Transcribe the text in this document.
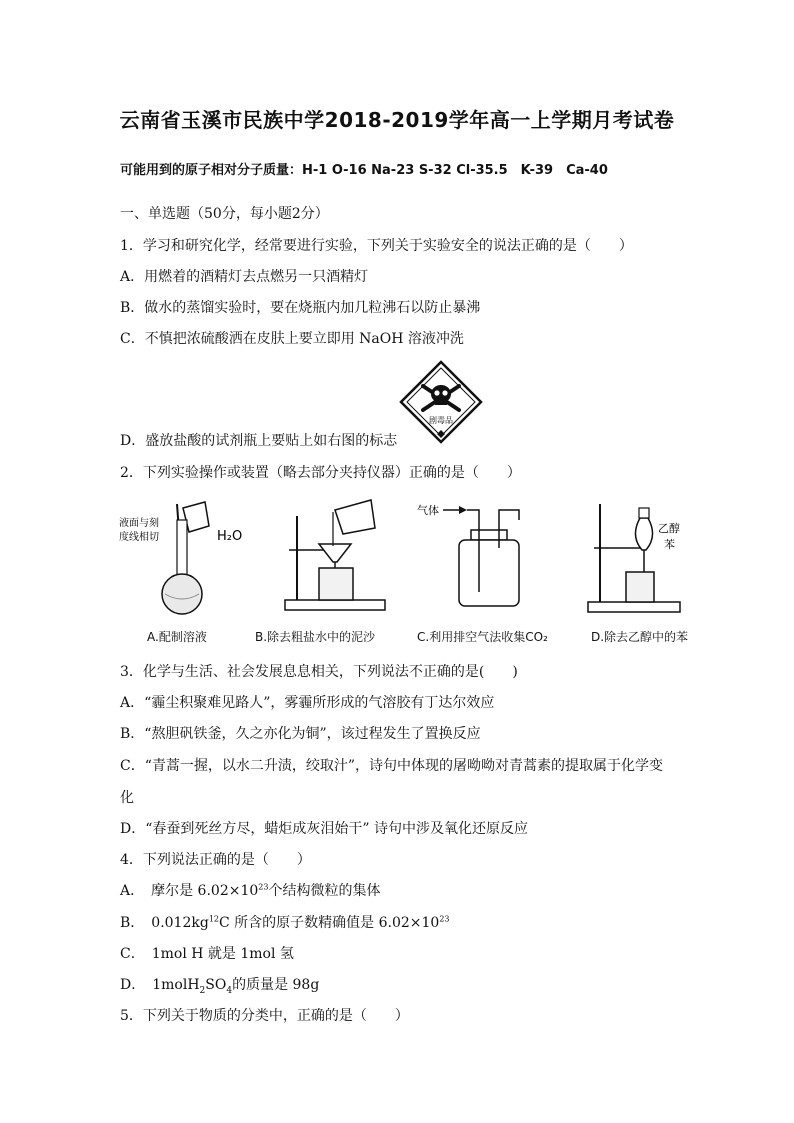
云南省玉溪市民族中学2018-2019学年高一上学期月考试卷
可能用到的原子相对分子质量：H-1 O-16 Na-23 S-32 Cl-35.5　K-39　Ca-40
一、单选题（50分，每小题2分）
1．学习和研究化学，经常要进行实验，下列关于实验安全的说法正确的是（　　）
A．用燃着的酒精灯去点燃另一只酒精灯
B．做水的蒸馏实验时，要在烧瓶内加几粒沸石以防止暴沸
C．不慎把浓硫酸洒在皮肤上要立即用 NaOH 溶液冲洗
剧毒品
D．盛放盐酸的试剂瓶上要贴上如右图的标志
2．下列实验操作或装置（略去部分夹持仪器）正确的是（　　）
液面与刻
度线相切	H₂O
气体
乙醇
苯
A.配制溶液	B.除去粗盐水中的泥沙	C.利用排空气法收集CO₂	D.除去乙醇中的苯
3．化学与生活、社会发展息息相关，下列说法不正确的是(　　)
A．“霾尘积聚难见路人”，雾霾所形成的气溶胶有丁达尔效应
B．“熬胆矾铁釜，久之亦化为铜”，该过程发生了置换反应
C．“青蒿一握，以水二升渍，绞取汁”，诗句中体现的屠呦呦对青蒿素的提取属于化学变
化
D．“春蚕到死丝方尽，蜡炬成灰泪始干” 诗句中涉及氧化还原反应
4．下列说法正确的是（　　）
A．　摩尔是 $6.02\times 10^{23}$个结构微粒的集体
B．　$0.012kg^{12}C$ 所含的原子数精确值是 $6.02\times 10^{23}$
C．　1mol H 就是 1mol 氢
D．　$1molH_2SO_4$的质量是 98g
5．下列关于物质的分类中，正确的是（　　）
